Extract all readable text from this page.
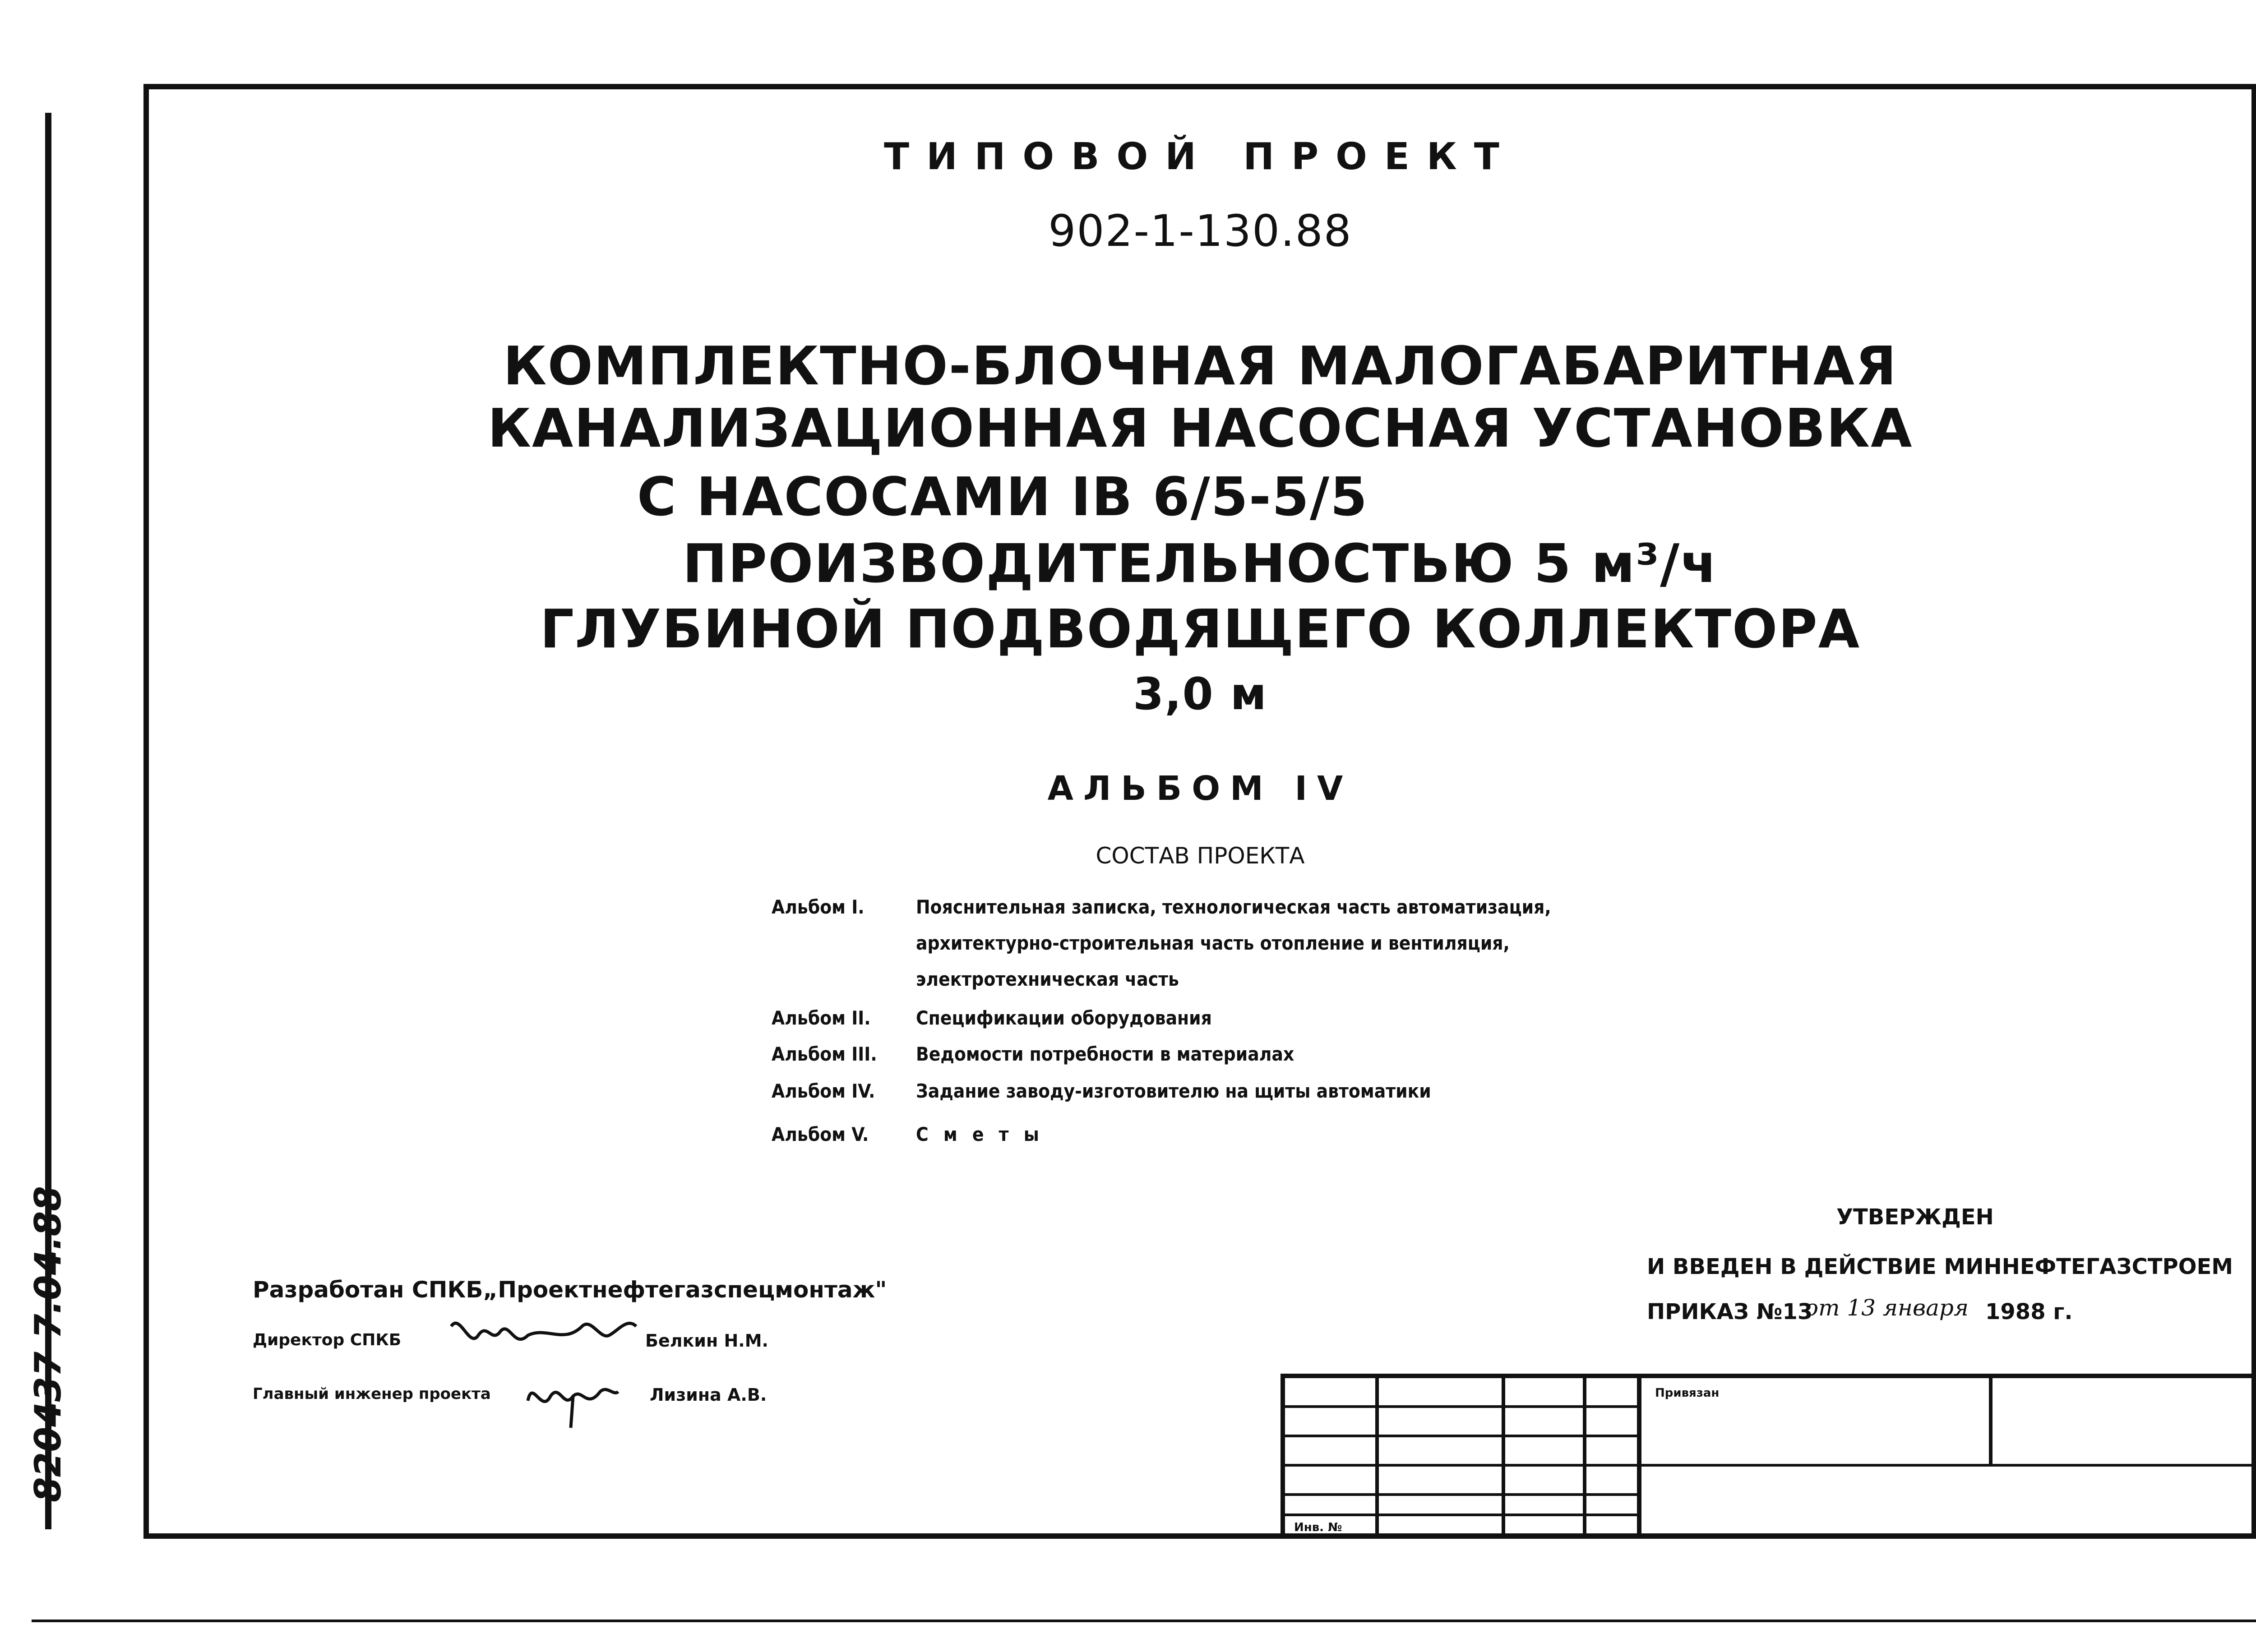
820437 7.04.88
ТИПОВОЙ ПРОЕКТ
902-1-130.88
КОМПЛЕКТНО-БЛОЧНАЯ МАЛОГАБАРИТНАЯ
КАНАЛИЗАЦИОННАЯ НАСОСНАЯ УСТАНОВКА
С НАСОСАМИ IВ 6/5-5/5
ПРОИЗВОДИТЕЛЬНОСТЬЮ 5 м³/ч
ГЛУБИНОЙ ПОДВОДЯЩЕГО КОЛЛЕКТОРА
3,0 м
АЛЬБОМ IV
СОСТАВ ПРОЕКТА
Альбом I.	Пояснительная записка, технологическая часть автоматизация,
архитектурно-строительная часть отопление и вентиляция,
электротехническая часть
Альбом II. Спецификации оборудования
Альбом III. Ведомости потребности в материалах
Альбом IV. Задание заводу-изготовителю на щиты автоматики
Альбом V. С м е т ы
Разработан СПКБ„Проектнефтегазспецмонтаж"
Директор СПКБ	Белкин Н.М.
Главный инженер проекта	Лизина А.В.
УТВЕРЖДЕН
И ВВЕДЕН В ДЕЙСТВИЕ МИННЕФТЕГАЗСТРОЕМ
ПРИКАЗ №13
от 13 января 1988 г.
Привязан
Инв. №
